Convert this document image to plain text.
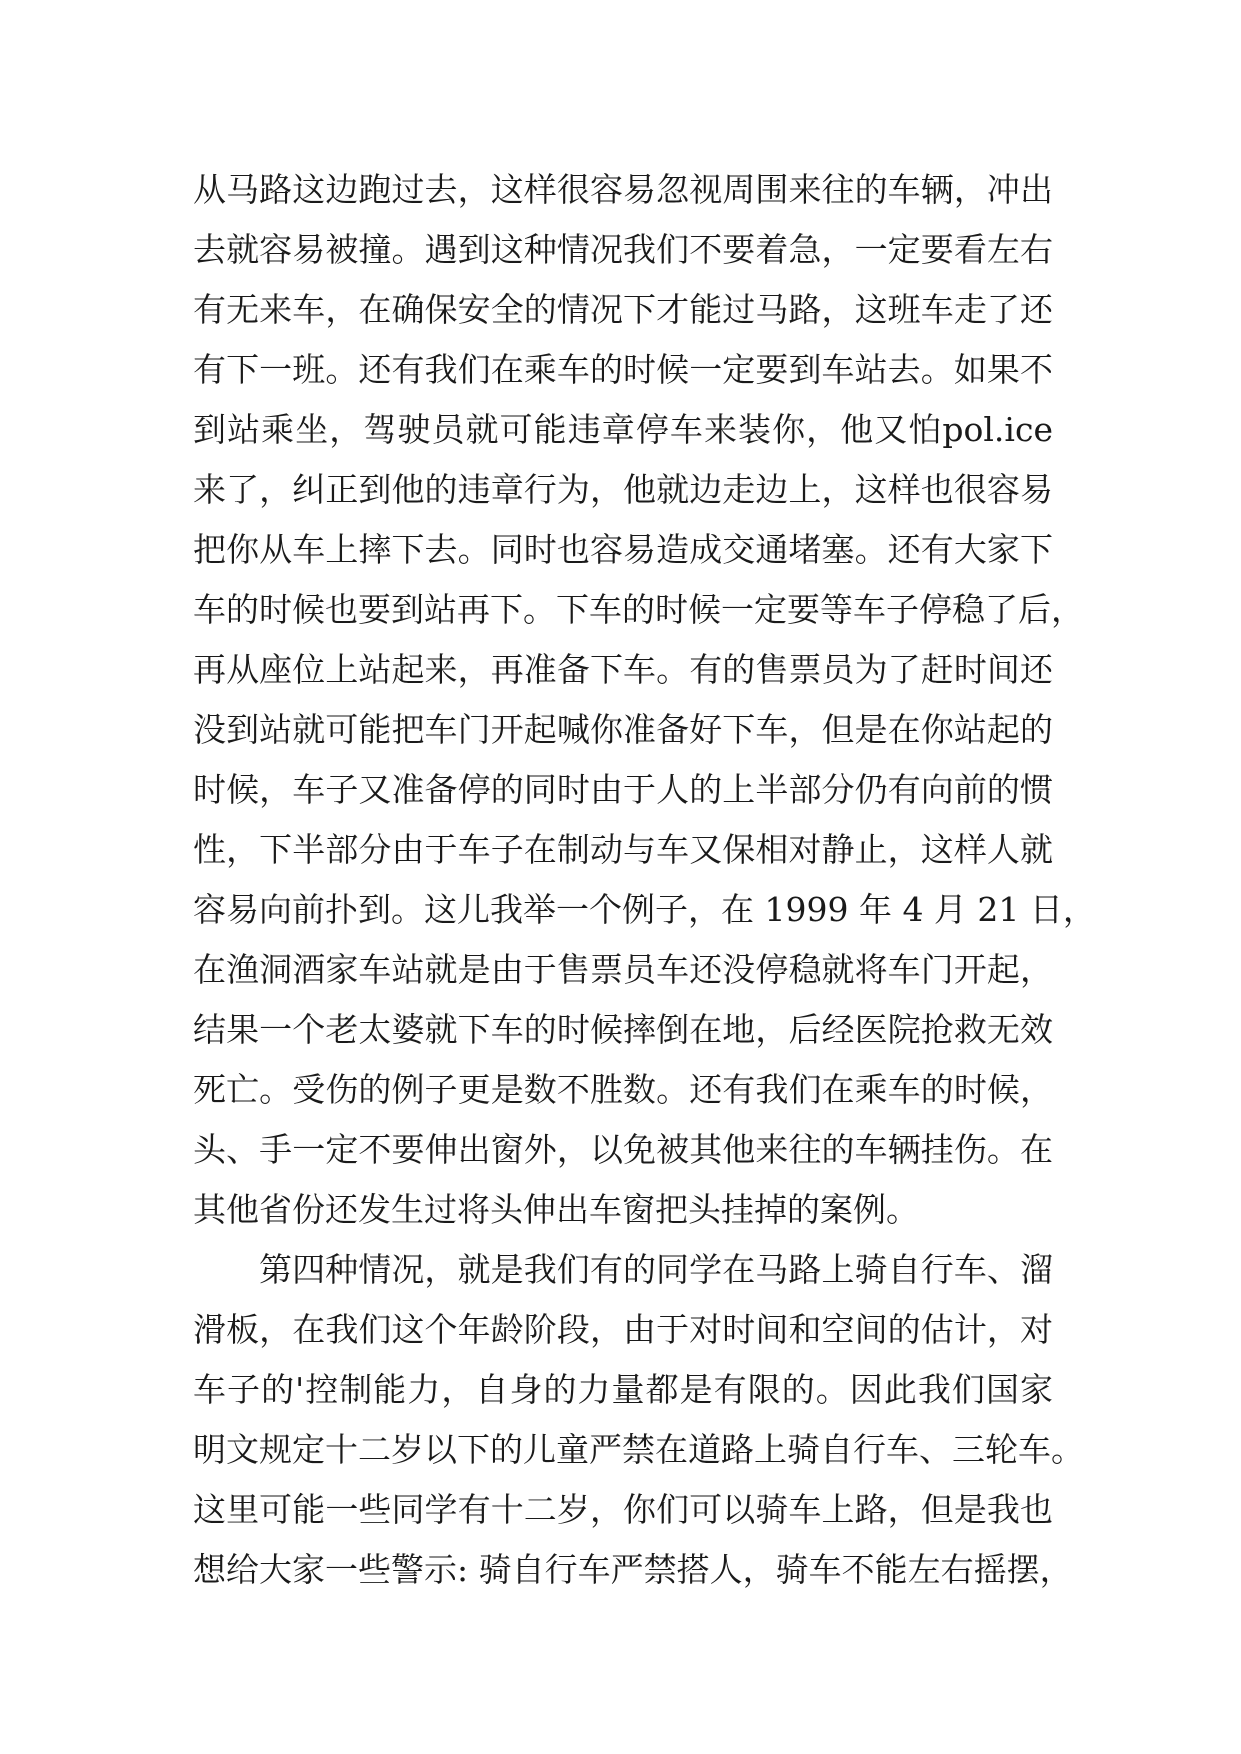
从马路这边跑过去，这样很容易忽视周围来往的车辆，冲出
去就容易被撞。遇到这种情况我们不要着急，一定要看左右
有无来车，在确保安全的情况下才能过马路，这班车走了还
有下一班。还有我们在乘车的时候一定要到车站去。如果不
到站乘坐，驾驶员就可能违章停车来装你，他又怕pol.ice
来了，纠正到他的违章行为，他就边走边上，这样也很容易
把你从车上摔下去。同时也容易造成交通堵塞。还有大家下
车的时候也要到站再下。下车的时候一定要等车子停稳了后，
再从座位上站起来，再准备下车。有的售票员为了赶时间还
没到站就可能把车门开起喊你准备好下车，但是在你站起的
时候，车子又准备停的同时由于人的上半部分仍有向前的惯
性，下半部分由于车子在制动与车又保相对静止，这样人就
容易向前扑到。这儿我举一个例子，在 1999 年 4 月 21 日，
在渔洞酒家车站就是由于售票员车还没停稳就将车门开起，
结果一个老太婆就下车的时候摔倒在地，后经医院抢救无效
死亡。受伤的例子更是数不胜数。还有我们在乘车的时候，
头、手一定不要伸出窗外，以免被其他来往的车辆挂伤。在
其他省份还发生过将头伸出车窗把头挂掉的案例。
第四种情况，就是我们有的同学在马路上骑自行车、溜
滑板，在我们这个年龄阶段，由于对时间和空间的估计，对
车子的'控制能力，自身的力量都是有限的。因此我们国家
明文规定十二岁以下的儿童严禁在道路上骑自行车、三轮车。
这里可能一些同学有十二岁，你们可以骑车上路，但是我也
想给大家一些警示: 骑自行车严禁搭人，骑车不能左右摇摆，
